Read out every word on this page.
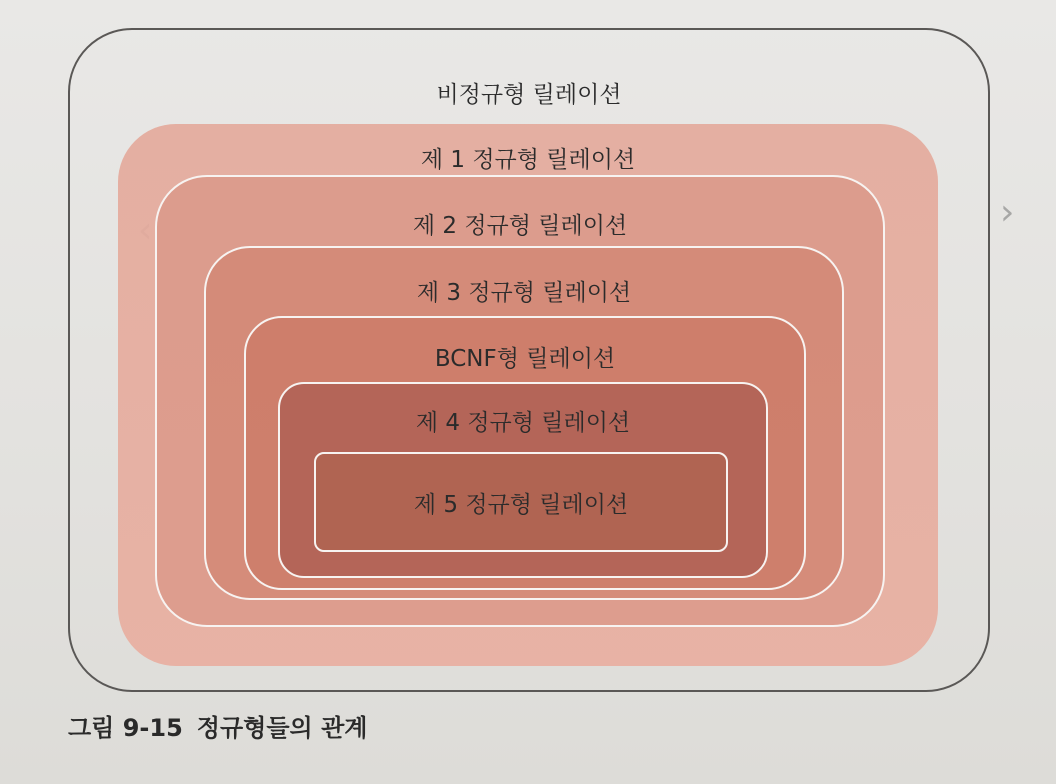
›
비정규형 릴레이션
제 1 정규형 릴레이션
제 2 정규형 릴레이션
제 3 정규형 릴레이션
BCNF형 릴레이션
제 4 정규형 릴레이션
제 5 정규형 릴레이션
그림 9-15 정규형들의 관계
